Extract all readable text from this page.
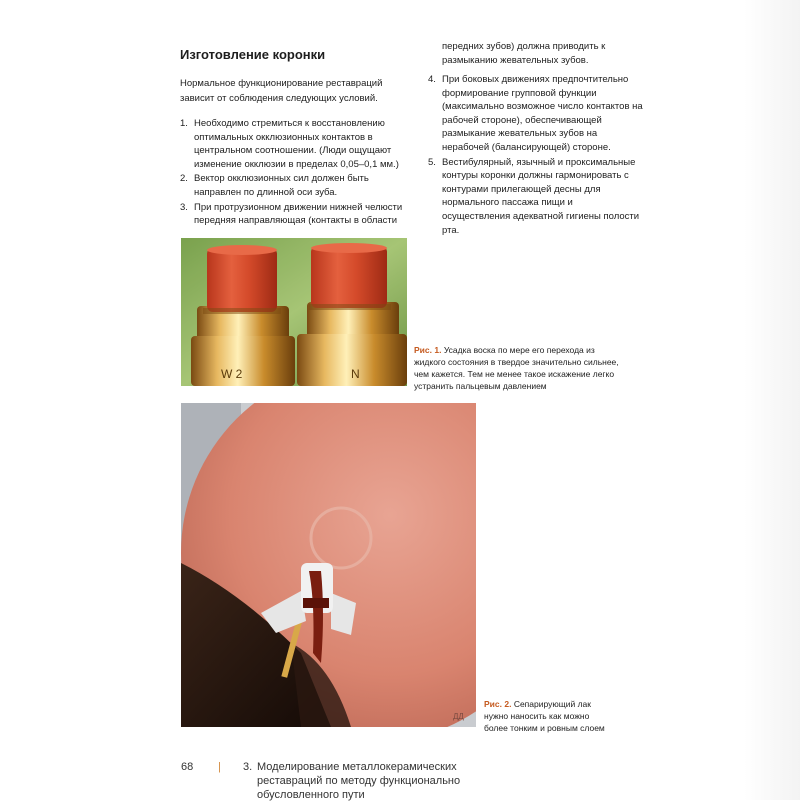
Изготовление коронки

Нормальное функционирование реставраций зависит от соблюдения следующих условий.

1. Необходимо стремиться к восстановлению оптимальных окклюзионных контактов в центральном соотношении. (Люди ощущают изменение окклюзии в пределах 0,05–0,1 мм.)
2. Вектор окклюзионных сил должен быть направлен по длинной оси зуба.
3. При протрузионном движении нижней челюсти передняя направляющая (контакты в области

передних зубов) должна приводить к размыканию жевательных зубов.

4. При боковых движениях предпочтительно формирование групповой функции (максимально возможное число контактов на рабочей стороне), обеспечивающей размыкание жевательных зубов на нерабочей (балансирующей) стороне.
5. Вестибулярный, язычный и проксимальные контуры коронки должны гармонировать с контурами прилегающей десны для нормального пассажа пищи и осуществления адекватной гигиены полости рта.
W 2	N

Рис. 1. Усадка воска по мере его перехода из жидкого состояния в твердое значительно сильнее, чем кажется. Тем не менее такое искажение легко устранить пальцевым давлением

ДД

Рис. 2. Сепарирующий лак нужно наносить как можно более тонким и ровным слоем

68 | 3. Моделирование металлокерамических реставраций по методу функционально обусловленного пути
